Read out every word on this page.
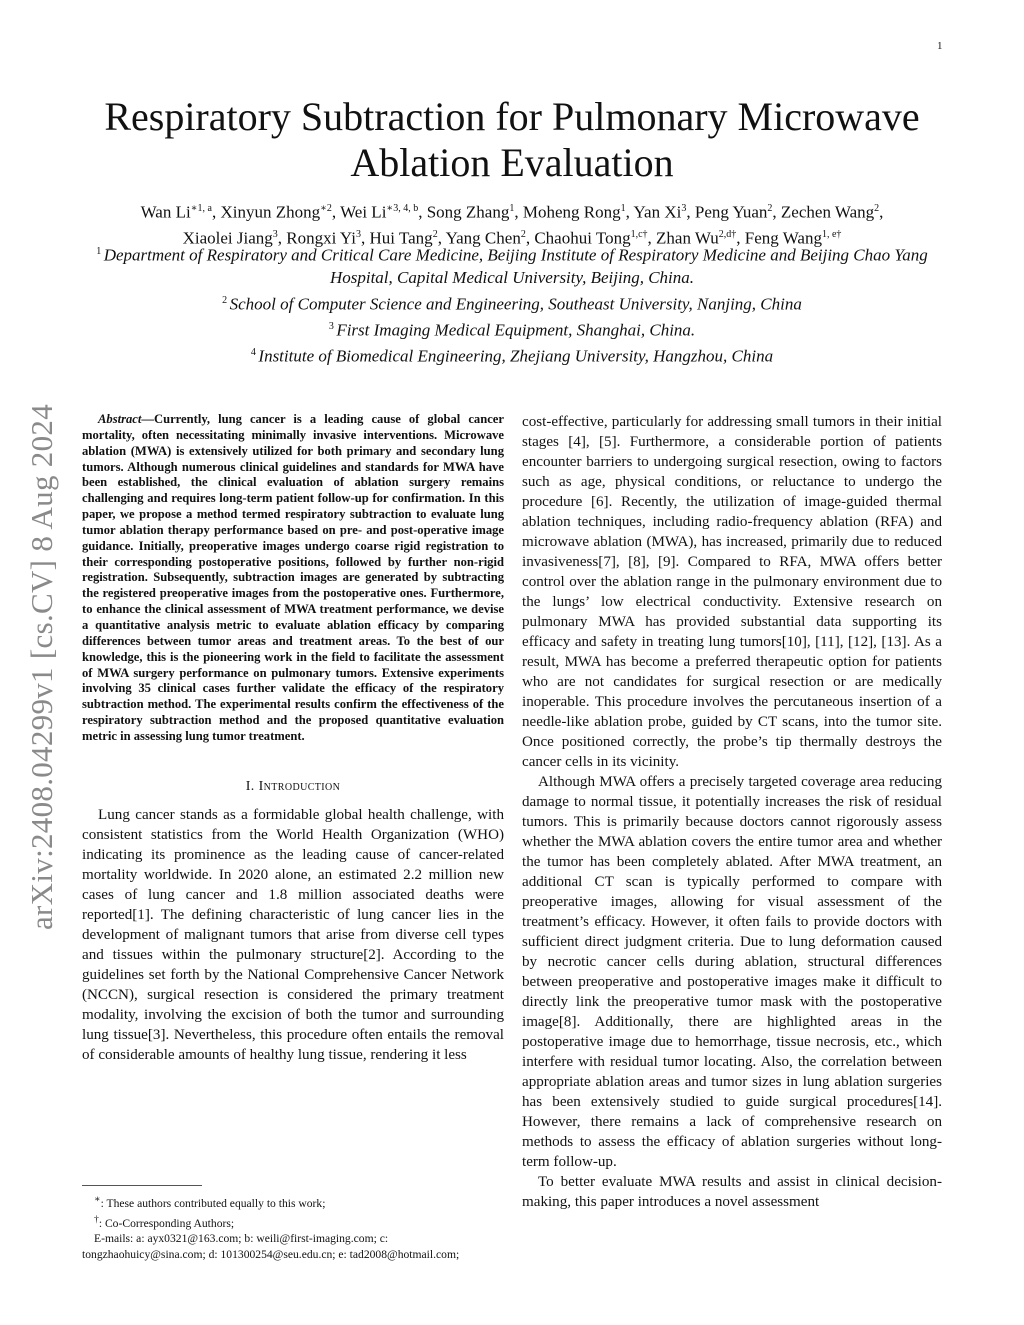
1
arXiv:2408.04299v1 [cs.CV] 8 Aug 2024
Respiratory Subtraction for Pulmonary Microwave
Ablation Evaluation
Wan $Li^{∗1, a}$, Xinyun Zhong$^{∗2}$, Wei $Li^{∗3, 4, b}$, Song Zhang$^1$, Moheng Rong$^1$, Yan Xi$^3$, Peng Yuan$^2$, Zechen Wang$^2$,
Xiaolei Jiang$^3$, Rongxi Yi$^3$, Hui Tang$^2$, Yang Chen$^2$, Chaohui Tong$^{1,c\dagger}$, Zhan $Wu^{2,d\dagger}$, Feng Wang$^{1, e\dagger}$
$^1$ Department of Respiratory and Critical Care Medicine, Beijing Institute of Respiratory Medicine and Beijing Chao Yang Hospital, Capital Medical University, Beijing, China.
$^2$ School of Computer Science and Engineering, Southeast University, Nanjing, China
$^3$ First Imaging Medical Equipment, Shanghai, China.
$^4$ Institute of Biomedical Engineering, Zhejiang University, Hangzhou, China

Abstract—Currently, lung cancer is a leading cause of global cancer mortality, often necessitating minimally invasive interventions. Microwave ablation (MWA) is extensively utilized for both primary and secondary lung tumors. Although numerous clinical guidelines and standards for MWA have been established, the clinical evaluation of ablation surgery remains challenging and requires long-term patient follow-up for confirmation. In this paper, we propose a method termed respiratory subtraction to evaluate lung tumor ablation therapy performance based on pre- and post-operative image guidance. Initially, preoperative images undergo coarse rigid registration to their corresponding postoperative positions, followed by further non-rigid registration. Subsequently, subtraction images are generated by subtracting the registered preoperative images from the postoperative ones. Furthermore, to enhance the clinical assessment of MWA treatment performance, we devise a quantitative analysis metric to evaluate ablation efficacy by comparing differences between tumor areas and treatment areas. To the best of our knowledge, this is the pioneering work in the field to facilitate the assessment of MWA surgery performance on pulmonary tumors. Extensive experiments involving 35 clinical cases further validate the efficacy of the respiratory subtraction method. The experimental results confirm the effectiveness of the respiratory subtraction method and the proposed quantitative evaluation metric in assessing lung tumor treatment.

I. Introduction

Lung cancer stands as a formidable global health challenge, with consistent statistics from the World Health Organization (WHO) indicating its prominence as the leading cause of cancer-related mortality worldwide. In 2020 alone, an estimated 2.2 million new cases of lung cancer and 1.8 million associated deaths were reported[1]. The defining characteristic of lung cancer lies in the development of malignant tumors that arise from diverse cell types and tissues within the pulmonary structure[2]. According to the guidelines set forth by the National Comprehensive Cancer Network (NCCN), surgical resection is considered the primary treatment modality, involving the excision of both the tumor and surrounding lung tissue[3]. Nevertheless, this procedure often entails the removal of considerable amounts of healthy lung tissue, rendering it less

cost-effective, particularly for addressing small tumors in their initial stages [4], [5]. Furthermore, a considerable portion of patients encounter barriers to undergoing surgical resection, owing to factors such as age, physical conditions, or reluctance to undergo the procedure [6]. Recently, the utilization of image-guided thermal ablation techniques, including radio-frequency ablation (RFA) and microwave ablation (MWA), has increased, primarily due to reduced invasiveness[7], [8], [9]. Compared to RFA, MWA offers better control over the ablation range in the pulmonary environment due to the lungs’ low electrical conductivity. Extensive research on pulmonary MWA has provided substantial data supporting its efficacy and safety in treating lung tumors[10], [11], [12], [13]. As a result, MWA has become a preferred therapeutic option for patients who are not candidates for surgical resection or are medically inoperable. This procedure involves the percutaneous insertion of a needle-like ablation probe, guided by CT scans, into the tumor site. Once positioned correctly, the probe’s tip thermally destroys the cancer cells in its vicinity.

Although MWA offers a precisely targeted coverage area reducing damage to normal tissue, it potentially increases the risk of residual tumors. This is primarily because doctors cannot rigorously assess whether the MWA ablation covers the entire tumor area and whether the tumor has been completely ablated. After MWA treatment, an additional CT scan is typically performed to compare with preoperative images, allowing for visual assessment of the treatment’s efficacy. However, it often fails to provide doctors with sufficient direct judgment criteria. Due to lung deformation caused by necrotic cancer cells during ablation, structural differences between preoperative and postoperative images make it difficult to directly link the preoperative tumor mask with the postoperative image[8]. Additionally, there are highlighted areas in the postoperative image due to hemorrhage, tissue necrosis, etc., which interfere with residual tumor locating. Also, the correlation between appropriate ablation areas and tumor sizes in lung ablation surgeries has been extensively studied to guide surgical procedures[14]. However, there remains a lack of comprehensive research on methods to assess the efficacy of ablation surgeries without long-term follow-up.

To better evaluate MWA results and assist in clinical decision-making, this paper introduces a novel assessment

∗: These authors contributed equally to this work;

†: Co-Corresponding Authors;

E-mails: a: ayx0321@163.com; b: weili@first-imaging.com; c: tongzhaohuicy@sina.com; d: 101300254@seu.edu.cn; e: tad2008@hotmail.com;
